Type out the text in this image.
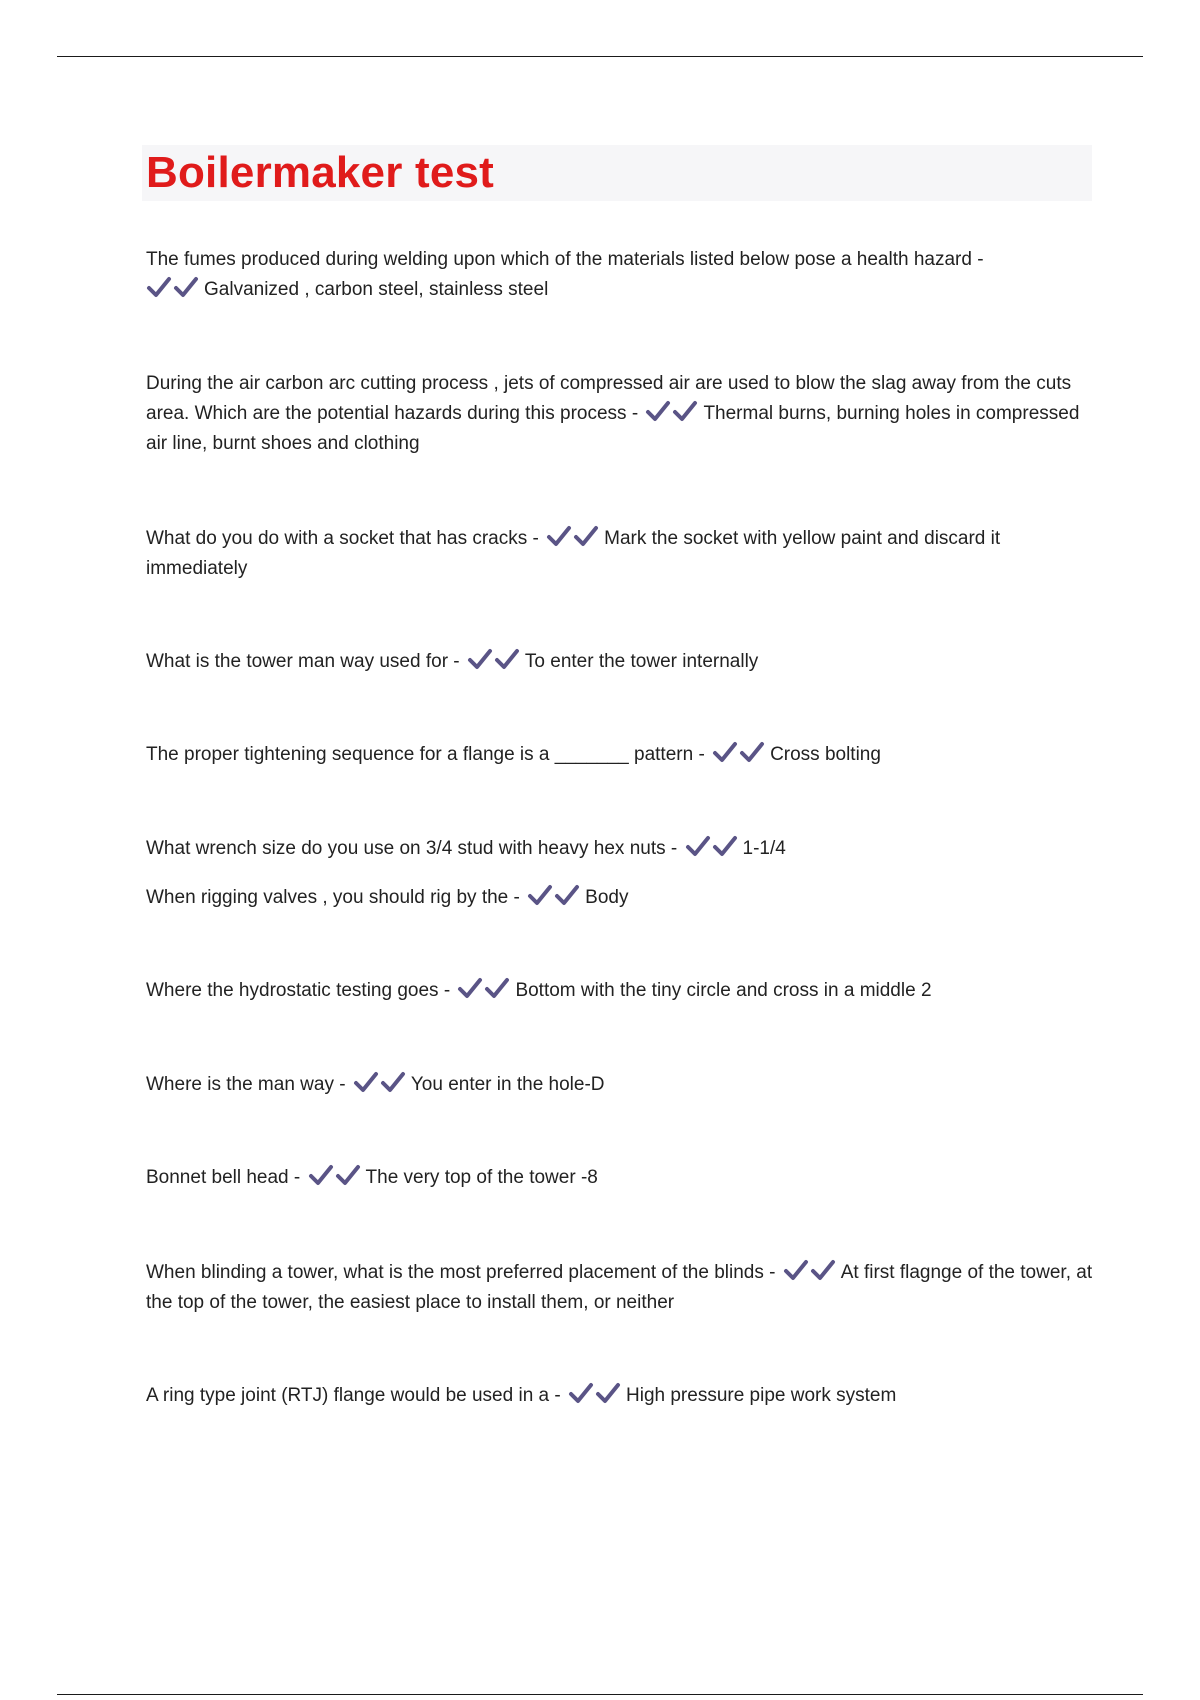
Boilermaker test
The fumes produced during welding upon which of the materials listed below pose a health hazard -
Galvanized , carbon steel, stainless steel
During the air carbon arc cutting process , jets of compressed air are used to blow the slag away from the cuts area. Which are the potential hazards during this process -	Thermal burns, burning holes in compressed air line, burnt shoes and clothing
What do you do with a socket that has cracks -	Mark the socket with yellow paint and discard it immediately
What is the tower man way used for -	To enter the tower internally
The proper tightening sequence for a flange is a _______ pattern -	Cross bolting
What wrench size do you use on 3/4 stud with heavy hex nuts -	1-1/4
When rigging valves , you should rig by the -	Body
Where the hydrostatic testing goes -	Bottom with the tiny circle and cross in a middle 2
Where is the man way -	You enter in the hole-D
Bonnet bell head -	The very top of the tower -8
When blinding a tower, what is the most preferred placement of the blinds -	At first flagnge of the tower, at the top of the tower, the easiest place to install them, or neither
A ring type joint (RTJ) flange would be used in a -	High pressure pipe work system
